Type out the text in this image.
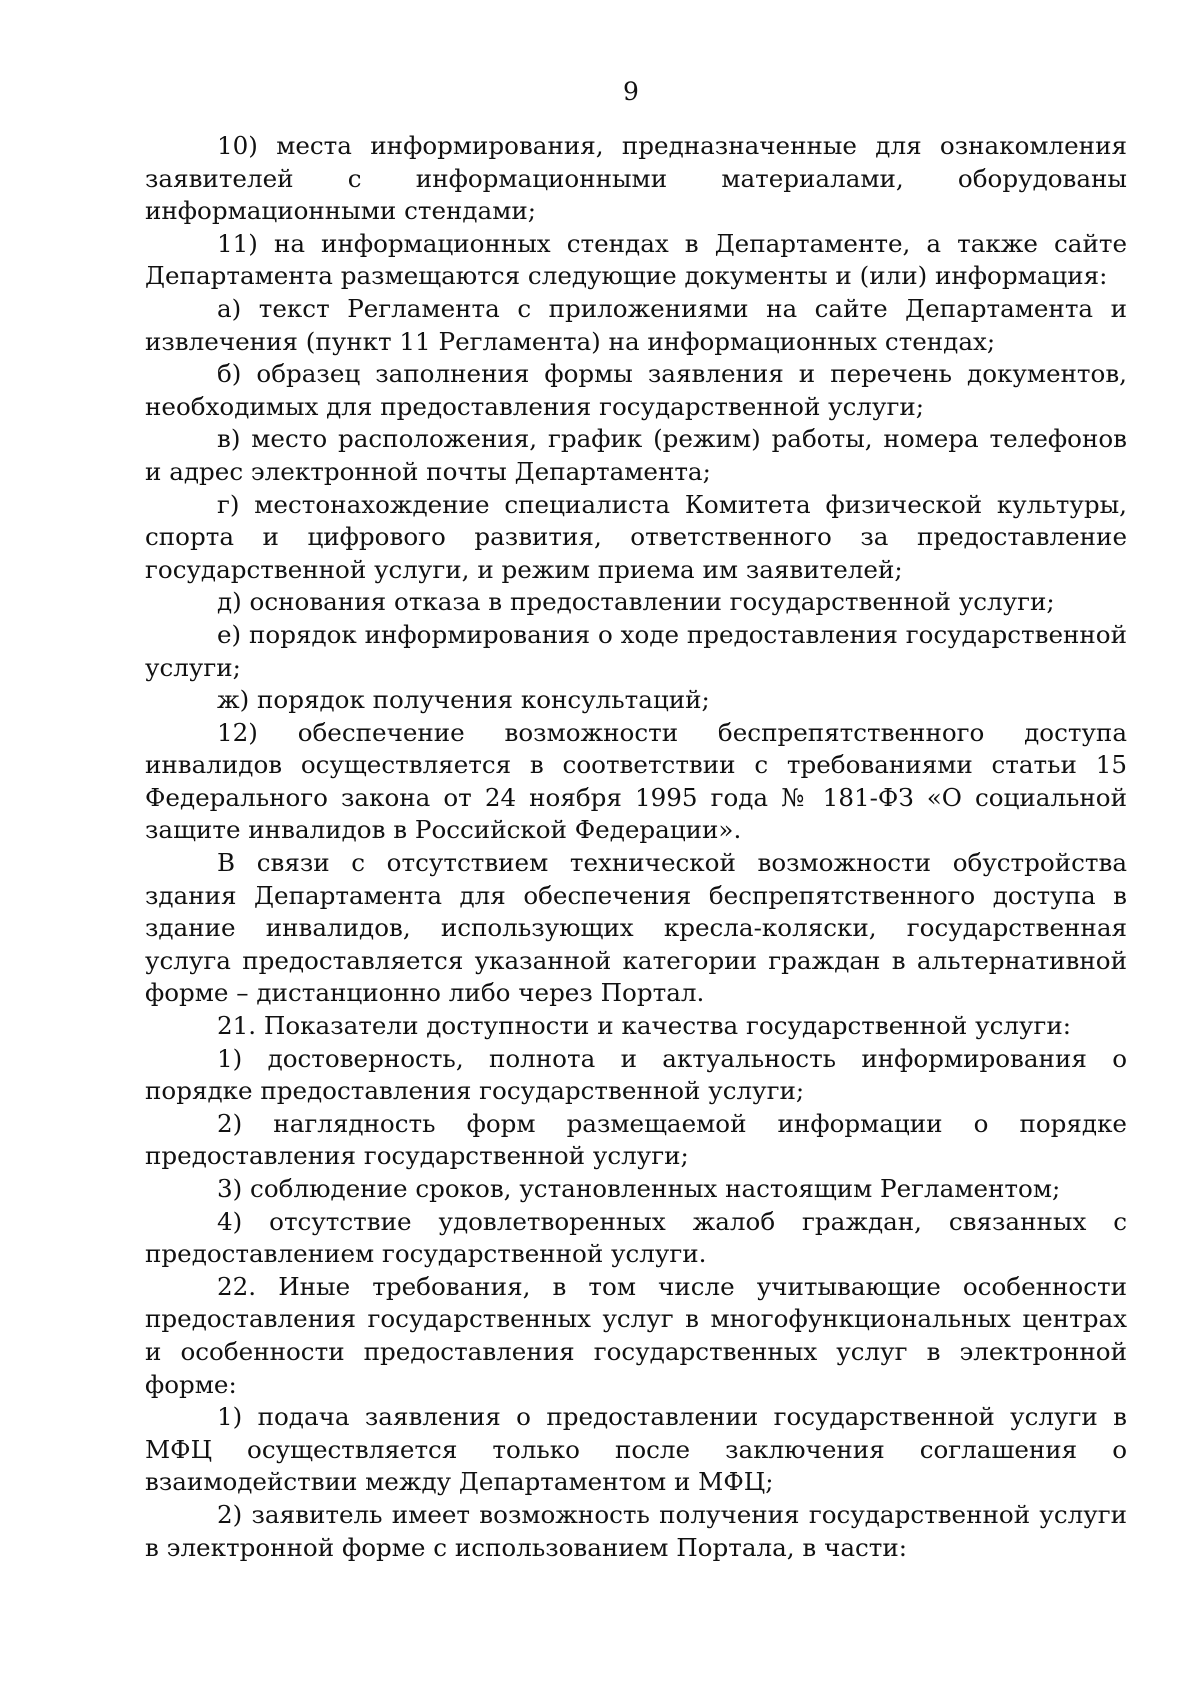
9

10) места информирования, предназначенные для ознакомления заявителей с информационными материалами, оборудованы информационными стендами;

11) на информационных стендах в Департаменте, а также сайте Департамента размещаются следующие документы и (или) информация:

а) текст Регламента с приложениями на сайте Департамента и извлечения (пункт 11 Регламента) на информационных стендах;

б) образец заполнения формы заявления и перечень документов, необходимых для предоставления государственной услуги;

в) место расположения, график (режим) работы, номера телефонов и адрес электронной почты Департамента;

г) местонахождение специалиста Комитета физической культуры, спорта и цифрового развития, ответственного за предоставление государственной услуги, и режим приема им заявителей;

д) основания отказа в предоставлении государственной услуги;

е) порядок информирования о ходе предоставления государственной услуги;

ж) порядок получения консультаций;

12) обеспечение возможности беспрепятственного доступа инвалидов осуществляется в соответствии с требованиями статьи 15 Федерального закона от 24 ноября 1995 года № 181-ФЗ «О социальной защите инвалидов в Российской Федерации».

В связи с отсутствием технической возможности обустройства здания Департамента для обеспечения беспрепятственного доступа в здание инвалидов, использующих кресла-коляски, государственная услуга предоставляется указанной категории граждан в альтернативной форме – дистанционно либо через Портал.

21. Показатели доступности и качества государственной услуги:

1) достоверность, полнота и актуальность информирования о порядке предоставления государственной услуги;

2) наглядность форм размещаемой информации о порядке предоставления государственной услуги;

3) соблюдение сроков, установленных настоящим Регламентом;

4) отсутствие удовлетворенных жалоб граждан, связанных с предоставлением государственной услуги.

22. Иные требования, в том числе учитывающие особенности предоставления государственных услуг в многофункциональных центрах и особенности предоставления государственных услуг в электронной форме:

1) подача заявления о предоставлении государственной услуги в МФЦ осуществляется только после заключения соглашения о взаимодействии между Департаментом и МФЦ;

2) заявитель имеет возможность получения государственной услуги в электронной форме с использованием Портала, в части:
